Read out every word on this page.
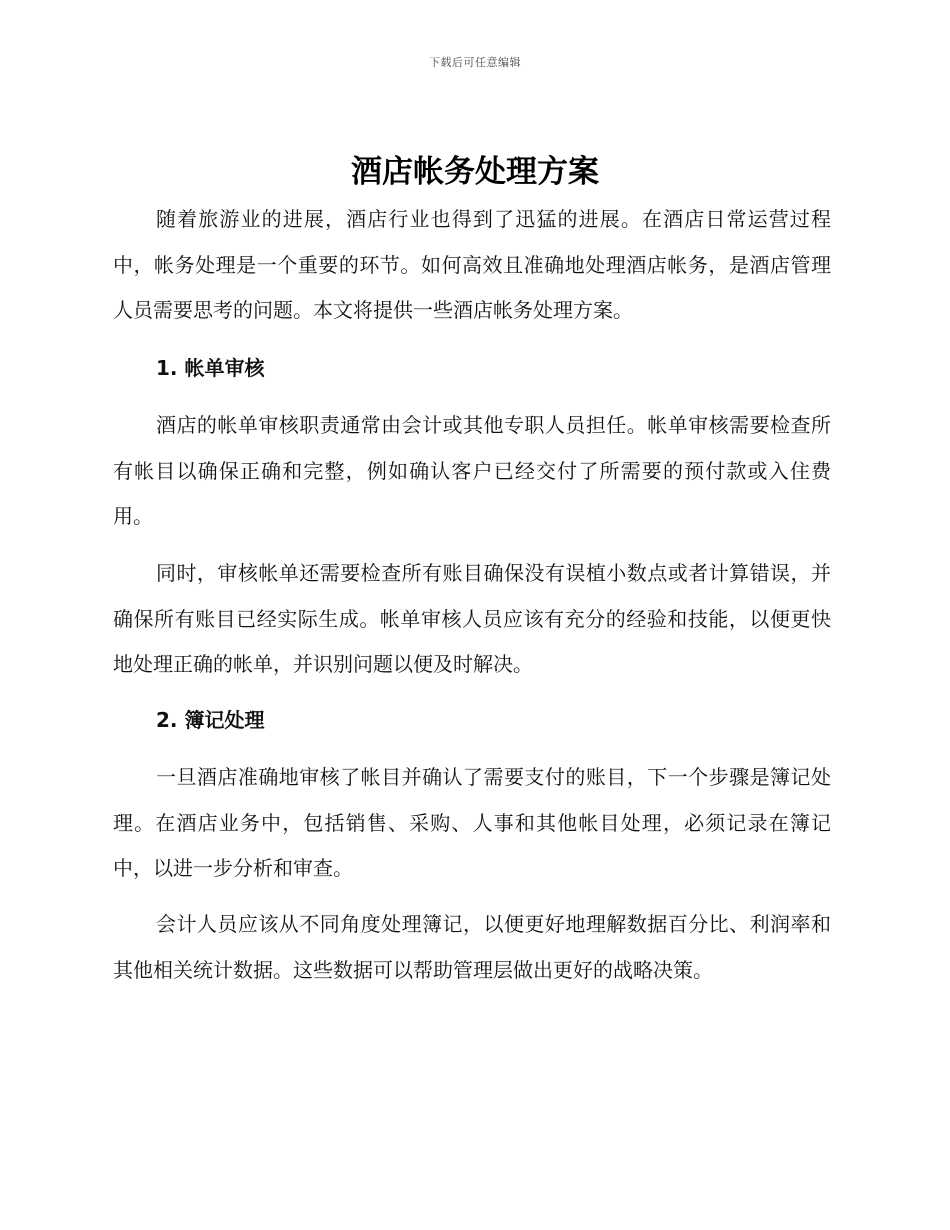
下载后可任意编辑
酒店帐务处理方案

随着旅游业的进展，酒店行业也得到了迅猛的进展。在酒店日常运营过程中，帐务处理是一个重要的环节。如何高效且准确地处理酒店帐务，是酒店管理人员需要思考的问题。本文将提供一些酒店帐务处理方案。

1. 帐单审核

酒店的帐单审核职责通常由会计或其他专职人员担任。帐单审核需要检查所有帐目以确保正确和完整，例如确认客户已经交付了所需要的预付款或入住费用。

同时，审核帐单还需要检查所有账目确保没有误植小数点或者计算错误，并确保所有账目已经实际生成。帐单审核人员应该有充分的经验和技能，以便更快地处理正确的帐单，并识别问题以便及时解决。

2. 簿记处理

一旦酒店准确地审核了帐目并确认了需要支付的账目，下一个步骤是簿记处理。在酒店业务中，包括销售、采购、人事和其他帐目处理，必须记录在簿记中，以进一步分析和审查。

会计人员应该从不同角度处理簿记，以便更好地理解数据百分比、利润率和其他相关统计数据。这些数据可以帮助管理层做出更好的战略决策。
